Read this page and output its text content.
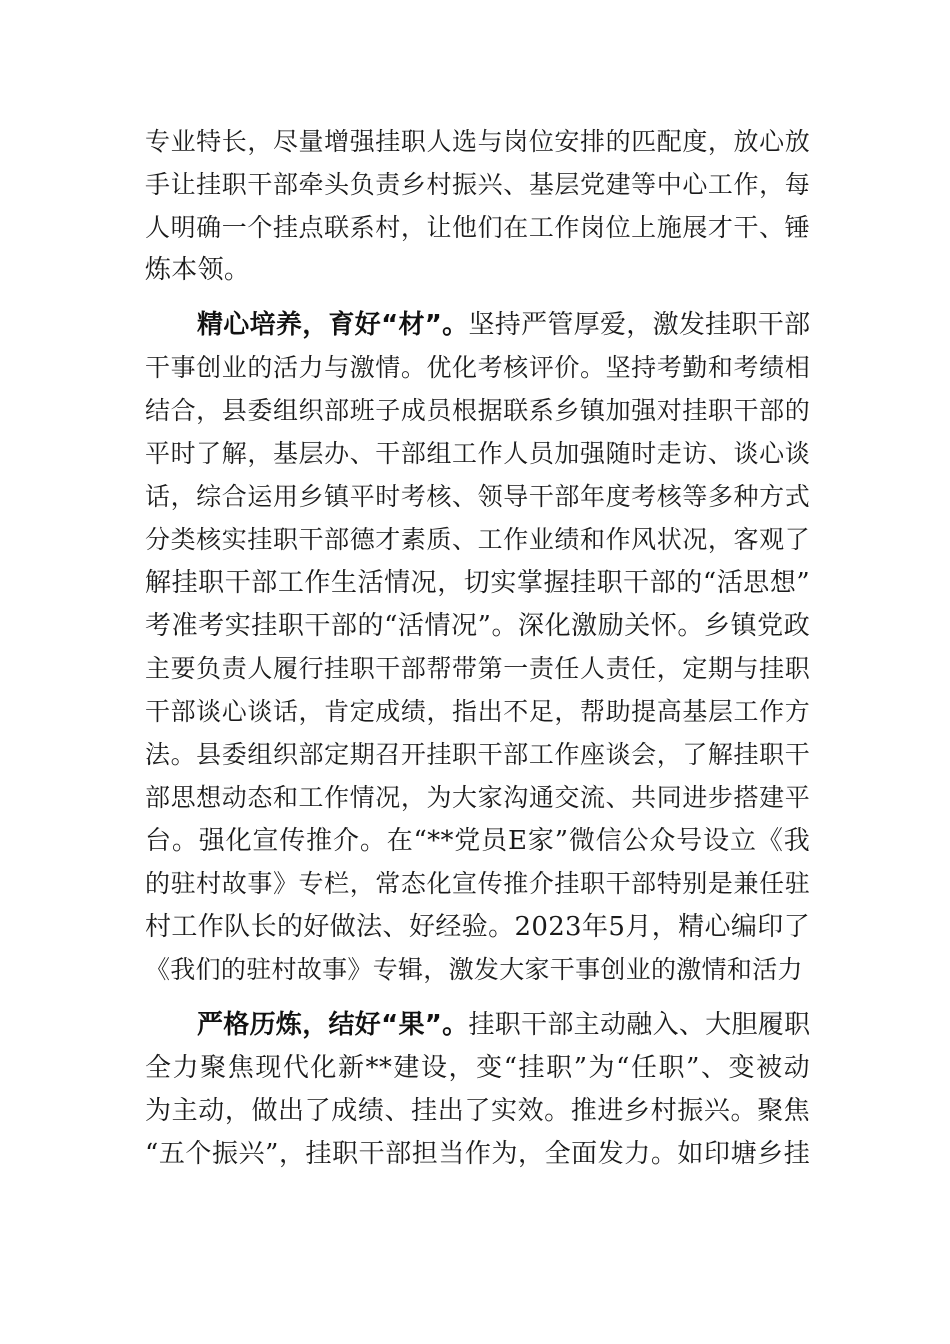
专业特长，尽量增强挂职人选与岗位安排的匹配度，放心放
手让挂职干部牵头负责乡村振兴、基层党建等中心工作，每
人明确一个挂点联系村，让他们在工作岗位上施展才干、锤
炼本领。
精心培养，育好“材”。坚持严管厚爱，激发挂职干部
干事创业的活力与激情。优化考核评价。坚持考勤和考绩相
结合，县委组织部班子成员根据联系乡镇加强对挂职干部的
平时了解，基层办、干部组工作人员加强随时走访、谈心谈
话，综合运用乡镇平时考核、领导干部年度考核等多种方式
分类核实挂职干部德才素质、工作业绩和作风状况，客观了
解挂职干部工作生活情况，切实掌握挂职干部的“活思想”
考准考实挂职干部的“活情况”。深化激励关怀。乡镇党政
主要负责人履行挂职干部帮带第一责任人责任，定期与挂职
干部谈心谈话，肯定成绩，指出不足，帮助提高基层工作方
法。县委组织部定期召开挂职干部工作座谈会，了解挂职干
部思想动态和工作情况，为大家沟通交流、共同进步搭建平
台。强化宣传推介。在“**党员E家”微信公众号设立《我
的驻村故事》专栏，常态化宣传推介挂职干部特别是兼任驻
村工作队长的好做法、好经验。2023年5月，精心编印了
《我们的驻村故事》专辑，激发大家干事创业的激情和活力
严格历炼，结好“果”。挂职干部主动融入、大胆履职
全力聚焦现代化新**建设，变“挂职”为“任职”、变被动
为主动，做出了成绩、挂出了实效。推进乡村振兴。聚焦
“五个振兴”，挂职干部担当作为，全面发力。如印塘乡挂
